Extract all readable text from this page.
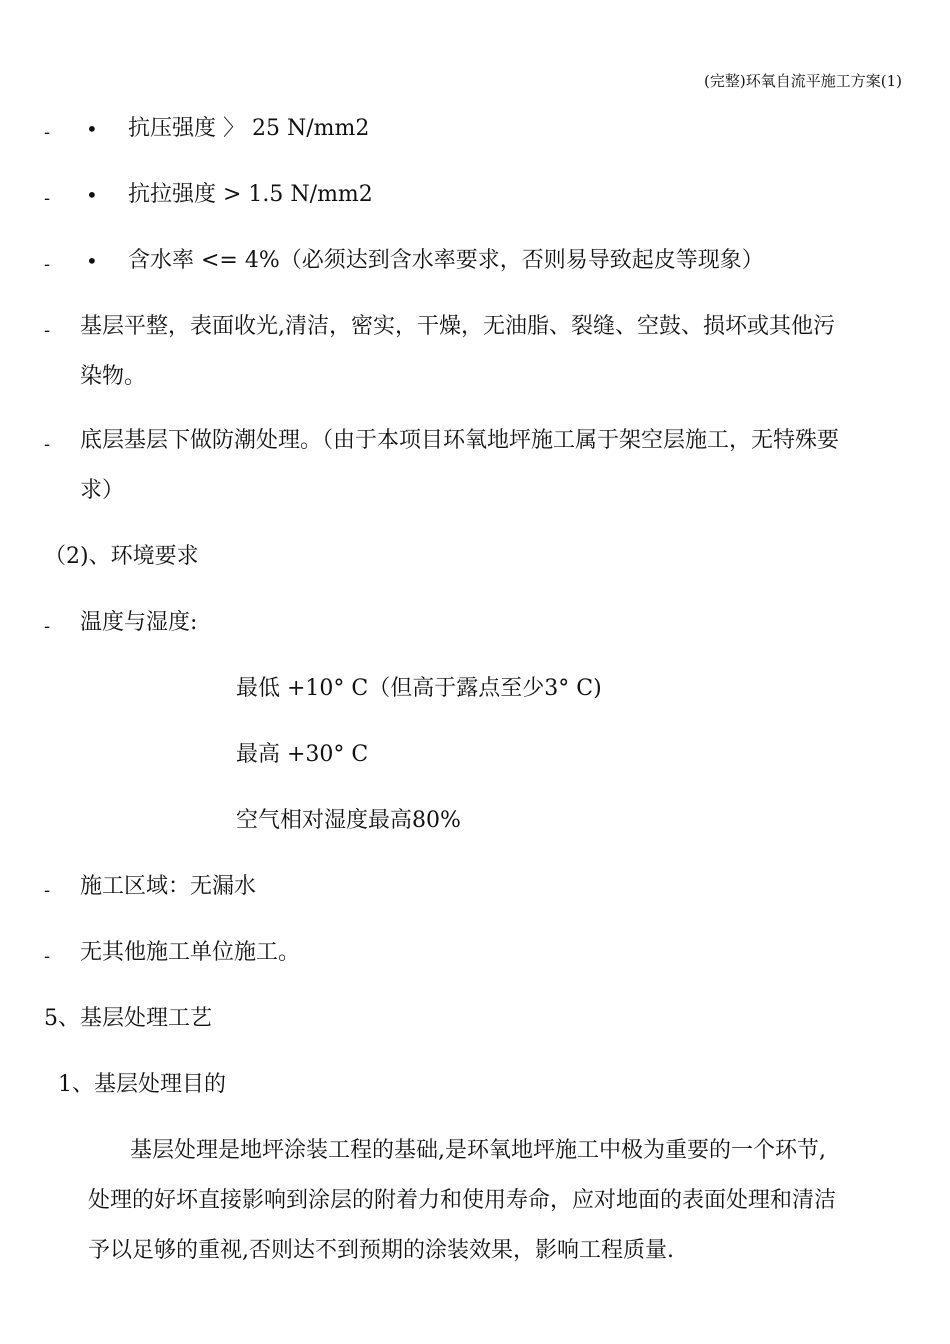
(完整)环氧自流平施工方案(1)
- • 抗压强度 〉 25 N/mm2
- • 抗拉强度 > 1.5 N/mm2
- • 含水率 <= 4%（必须达到含水率要求，否则易导致起皮等现象）
- 基层平整，表面收光,清洁，密实，干燥，无油脂、裂缝、空鼓、损坏或其他污
染物。
- 底层基层下做防潮处理。（由于本项目环氧地坪施工属于架空层施工，无特殊要
求）
（2)、环境要求
- 温度与湿度:
最低 +10° C（但高于露点至少3° C)
最高 +30° C
空气相对湿度最高80%
- 施工区域：无漏水
- 无其他施工单位施工。
5、基层处理工艺
1、基层处理目的
基层处理是地坪涂装工程的基础,是环氧地坪施工中极为重要的一个环节,
处理的好坏直接影响到涂层的附着力和使用寿命，应对地面的表面处理和清洁
予以足够的重视,否则达不到预期的涂装效果，影响工程质量.
